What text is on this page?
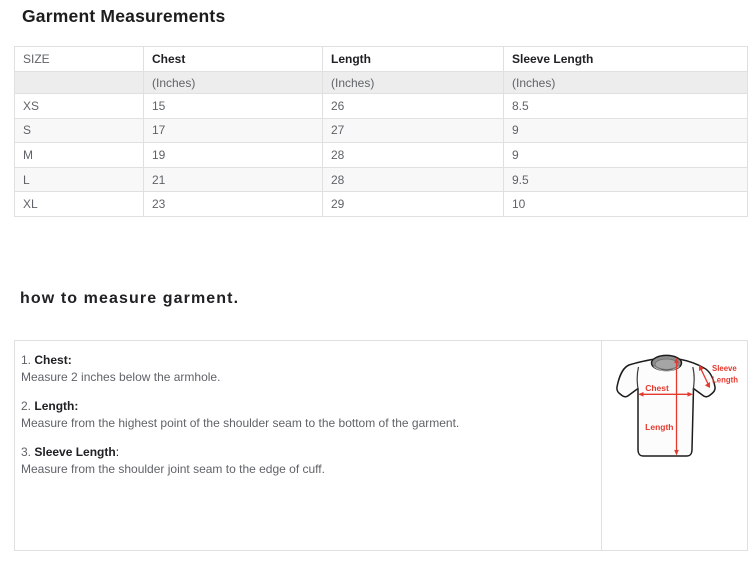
Garment Measurements
SIZE	Chest	Length	Sleeve Length
	(Inches)	(Inches)	(Inches)
XS	15	26	8.5
S	17	27	9
M	19	28	9
L	21	28	9.5
XL	23	29	10
how to measure garment.
1. Chest:
Measure 2 inches below the armhole.
2. Length:
Measure from the highest point of the shoulder seam to the bottom of the garment.
3. Sleeve Length:
Measure from the shoulder joint seam to the edge of cuff.
Chest
Length
Sleeve
Length
